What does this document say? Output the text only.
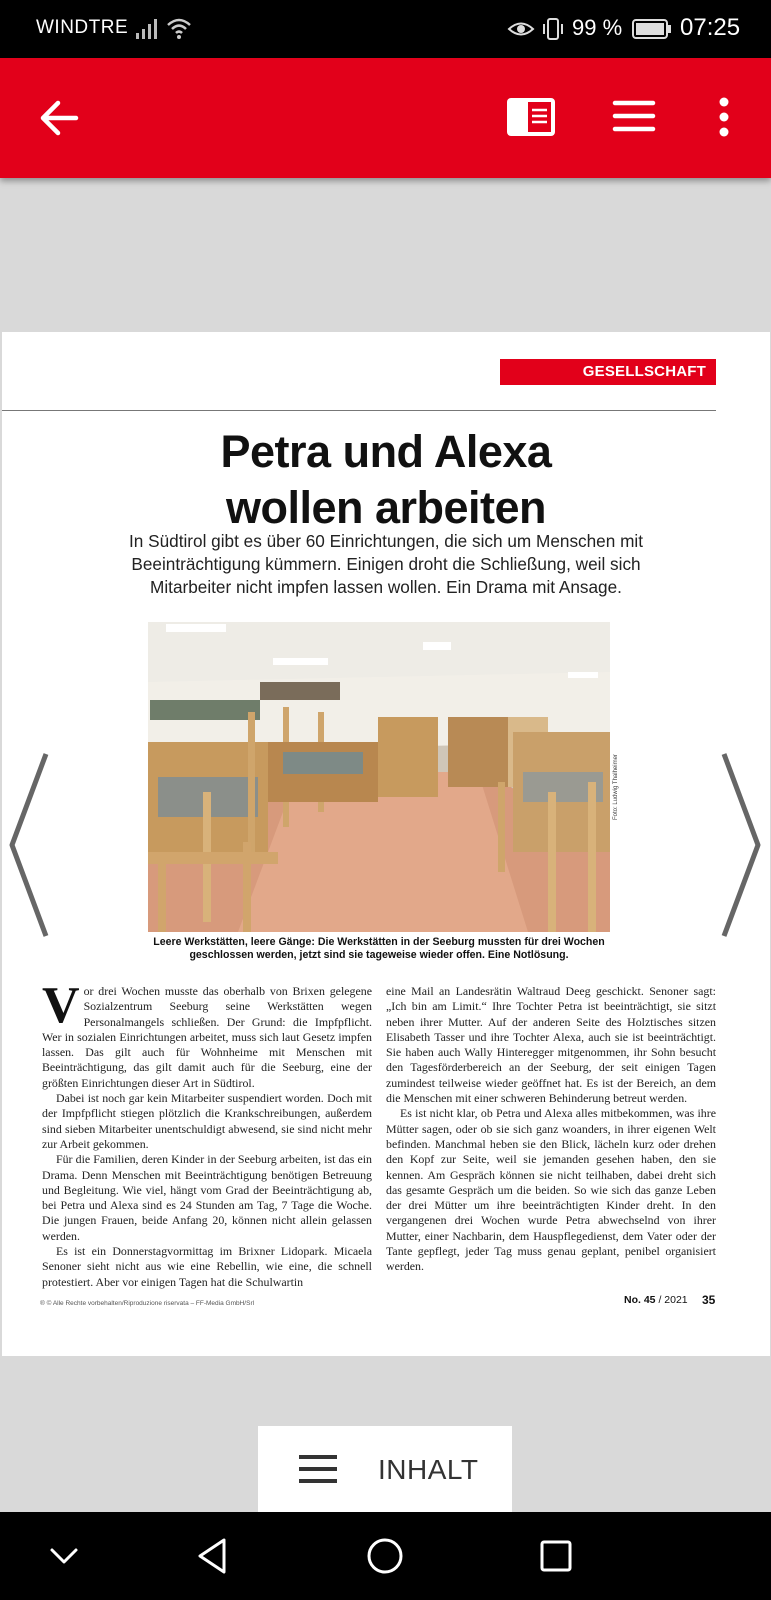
WINDTRE	99 % 07:25
GESELLSCHAFT
Petra und Alexa
wollen arbeiten
In Südtirol gibt es über 60 Einrichtungen, die sich um Menschen mit Beeinträchtigung kümmern. Einigen droht die Schließung, weil sich Mitarbeiter nicht impfen lassen wollen. Ein Drama mit Ansage.
Foto: Ludwig Thalheimer
Leere Werkstätten, leere Gänge: Die Werkstätten in der Seeburg mussten für drei Wochen geschlossen werden, jetzt sind sie tageweise wieder offen. Eine Notlösung.
V or drei Wochen musste das oberhalb von Brixen gelegene Sozialzentrum Seeburg seine Werkstätten wegen Personalmangels schließen. Der Grund: die Impfpflicht. Wer in sozialen Einrichtungen arbeitet, muss sich laut Gesetz impfen lassen. Das gilt auch für Wohnheime mit Menschen mit Beeinträchtigung, das gilt damit auch für die Seeburg, eine der größten Einrichtungen dieser Art in Südtirol.

Dabei ist noch gar kein Mitarbeiter suspendiert worden. Doch mit der Impfpflicht stiegen plötzlich die Krankschreibungen, außerdem sind sieben Mitarbeiter unentschuldigt abwesend, sie sind nicht mehr zur Arbeit gekommen.

Für die Familien, deren Kinder in der Seeburg arbeiten, ist das ein Drama. Denn Menschen mit Beeinträchtigung benötigen Betreuung und Begleitung. Wie viel, hängt vom Grad der Beeinträchtigung ab, bei Petra und Alexa sind es 24 Stunden am Tag, 7 Tage die Woche. Die jungen Frauen, beide Anfang 20, können nicht allein gelassen werden.

Es ist ein Donnerstagvormittag im Brixner Lidopark. Micaela Senoner sieht nicht aus wie eine Rebellin, wie eine, die schnell protestiert. Aber vor einigen Tagen hat die Schulwartin

eine Mail an Landesrätin Waltraud Deeg geschickt. Senoner sagt: „Ich bin am Limit.“ Ihre Tochter Petra ist beeinträchtigt, sie sitzt neben ihrer Mutter. Auf der anderen Seite des Holztisches sitzen Elisabeth Tasser und ihre Tochter Alexa, auch sie ist beeinträchtigt. Sie haben auch Wally Hinteregger mitgenommen, ihr Sohn besucht den Tagesförderbereich an der Seeburg, der seit einigen Tagen zumindest teilweise wieder geöffnet hat. Es ist der Bereich, an dem die Menschen mit einer schweren Behinderung betreut werden.

Es ist nicht klar, ob Petra und Alexa alles mitbekommen, was ihre Mütter sagen, oder ob sie sich ganz woanders, in ihrer eigenen Welt befinden. Manchmal heben sie den Blick, lächeln kurz oder drehen den Kopf zur Seite, weil sie jemanden gesehen haben, den sie kennen. Am Gespräch können sie nicht teilhaben, dabei dreht sich das gesamte Gespräch um die beiden. So wie sich das ganze Leben der drei Mütter um ihre beeinträchtigten Kinder dreht. In den vergangenen drei Wochen wurde Petra abwechselnd von ihrer Mutter, einer Nachbarin, dem Hauspflegedienst, dem Vater oder der Tante gepflegt, jeder Tag muss genau geplant, penibel organisiert werden.

® © Alle Rechte vorbehalten/Riproduzione riservata – FF-Media GmbH/Srl	No. 45 / 2021 35
INHALT
